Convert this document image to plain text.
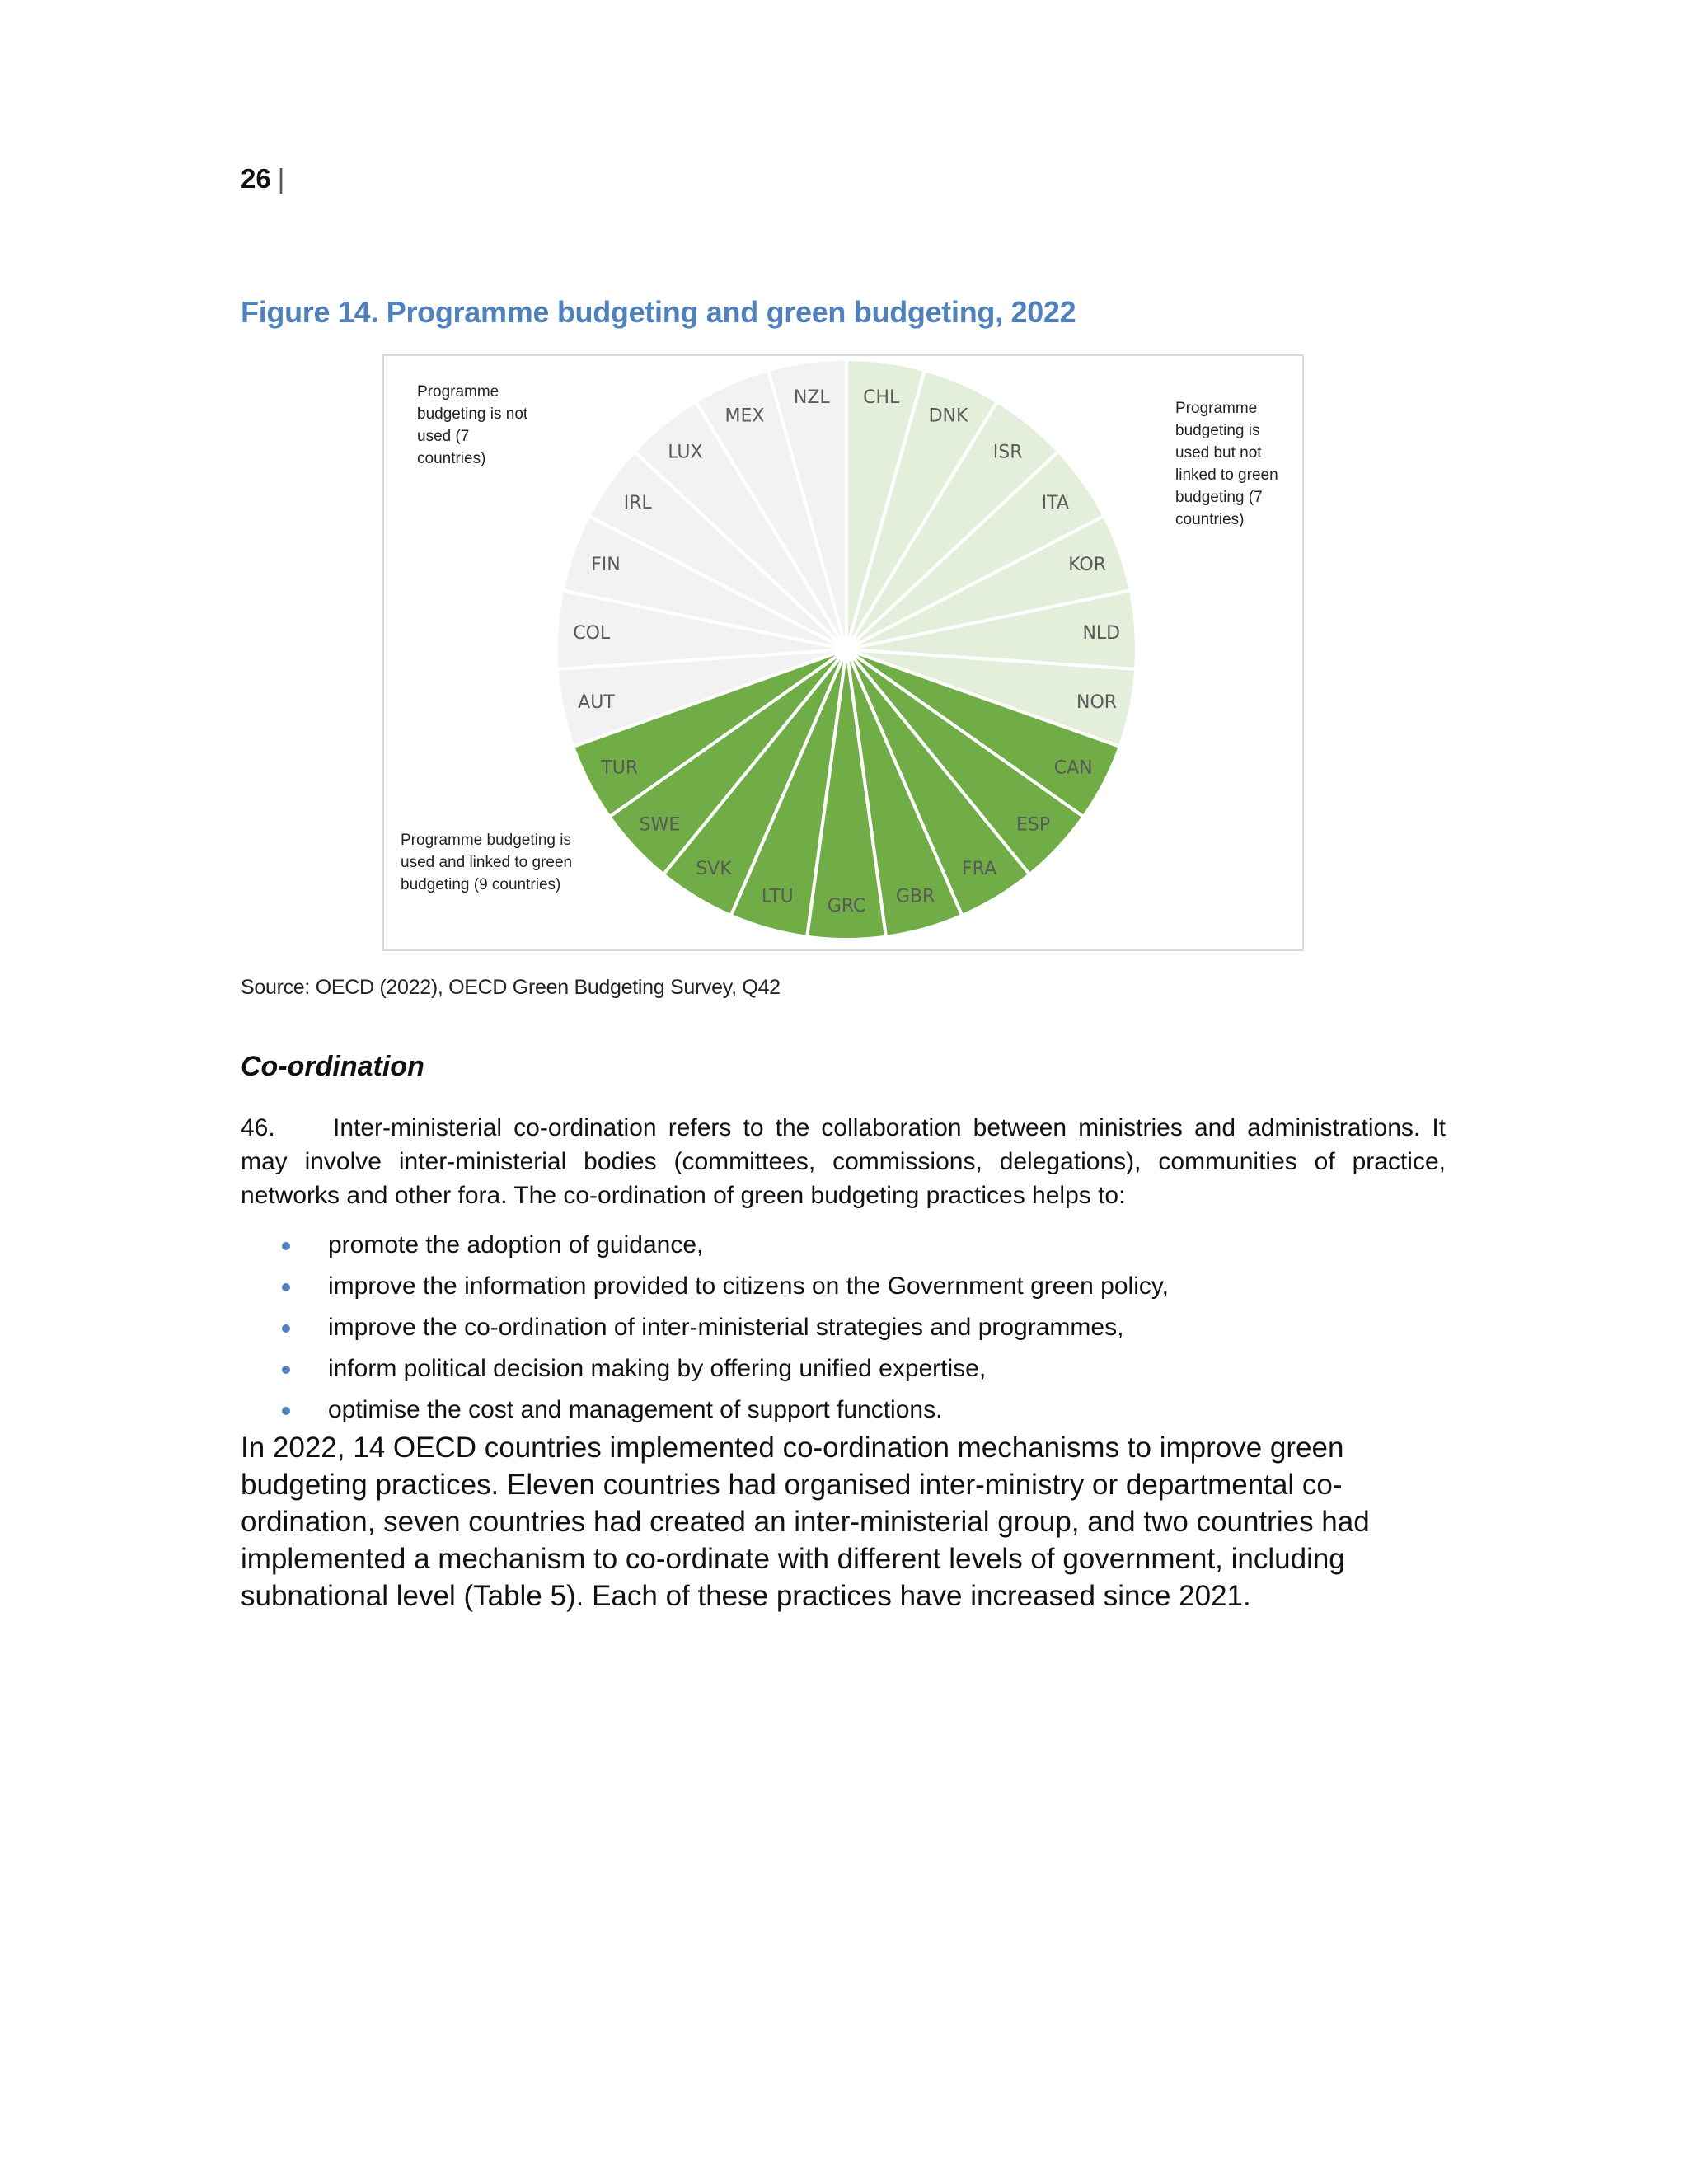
26 |
Figure 14. Programme budgeting and green budgeting, 2022
CHL
DNK
ISR
ITA
KOR
NLD
NOR
CAN
ESP
FRA
GBR
GRC
LTU
SVK
SWE
TUR
AUT
COL
FIN
IRL
LUX
MEX
NZL
Programme budgeting is not used (7 countries)
Programme budgeting is used but not linked to green budgeting (7 countries)
Programme budgeting is used and linked to green budgeting (9 countries)
Source: OECD (2022), OECD Green Budgeting Survey, Q42
Co-ordination
46. Inter-ministerial co-ordination refers to the collaboration between ministries and administrations. It may involve inter-ministerial bodies (committees, commissions, delegations), communities of practice, networks and other fora. The co-ordination of green budgeting practices helps to:
promote the adoption of guidance,
improve the information provided to citizens on the Government green policy,
improve the co-ordination of inter-ministerial strategies and programmes,
inform political decision making by offering unified expertise,
optimise the cost and management of support functions.
In 2022, 14 OECD countries implemented co-ordination mechanisms to improve green budgeting practices. Eleven countries had organised inter-ministry or departmental co-ordination, seven countries had created an inter-ministerial group, and two countries had implemented a mechanism to co-ordinate with different levels of government, including subnational level (Table 5). Each of these practices have increased since 2021.
